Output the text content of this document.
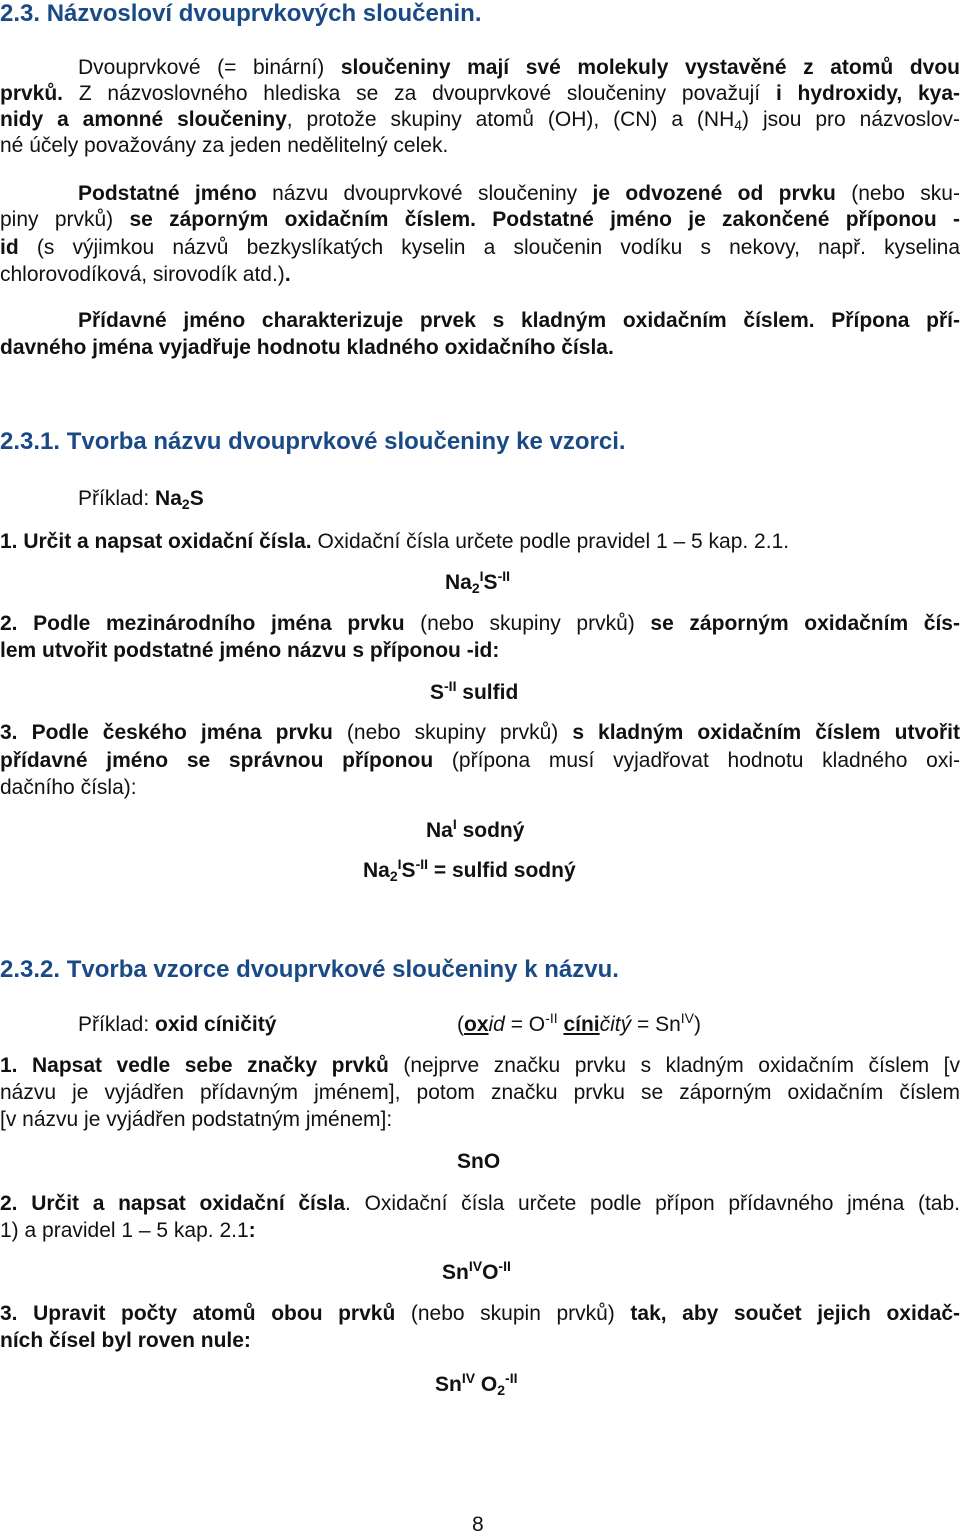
2.3. Názvosloví dvouprvkových sloučenin.
Dvouprvkové (= binární) sloučeniny mají své molekuly vystavěné z atomů dvou
prvků. Z názvoslovného hlediska se za dvouprvkové sloučeniny považují i hydroxidy, kya-
nidy a amonné sloučeniny, protože skupiny atomů (OH), (CN) a $(NH_4)$ jsou pro názvoslov-
né účely považovány za jeden nedělitelný celek.
Podstatné jméno názvu dvouprvkové sloučeniny je odvozené od prvku (nebo sku-
piny prvků) se záporným oxidačním číslem. Podstatné jméno je zakončené příponou -
id (s výjimkou názvů bezkyslíkatých kyselin a sloučenin vodíku s nekovy, např. kyselina
chlorovodíková, sirovodík atd.).
Přídavné jméno charakterizuje prvek s kladným oxidačním číslem. Přípona pří-
davného jména vyjadřuje hodnotu kladného oxidačního čísla.
2.3.1. Tvorba názvu dvouprvkové sloučeniny ke vzorci.
Příklad: $Na_2S$
1. Určit a napsat oxidační čísla. Oxidační čísla určete podle pravidel 1 – 5 kap. 2.1.
$Na_2^IS^{-II}$
2. Podle mezinárodního jména prvku (nebo skupiny prvků) se záporným oxidačním čís-
lem utvořit podstatné jméno názvu s příponou -id:
$S^{-II}$ sulfid
3. Podle českého jména prvku (nebo skupiny prvků) s kladným oxidačním číslem utvořit
přídavné jméno se správnou příponou (přípona musí vyjadřovat hodnotu kladného oxi-
dačního čísla):
$Na^I$ sodný
$Na_2^IS^{-II}$ = sulfid sodný
2.3.2. Tvorba vzorce dvouprvkové sloučeniny k názvu.
Příklad: oxid cíničitý	(oxid = $O^{-II}$ cíničitý = $Sn^{IV}$)
1. Napsat vedle sebe značky prvků (nejprve značku prvku s kladným oxidačním číslem [v
názvu je vyjádřen přídavným jménem], potom značku prvku se záporným oxidačním číslem
[v názvu je vyjádřen podstatným jménem]:
SnO
2. Určit a napsat oxidační čísla. Oxidační čísla určete podle přípon přídavného jména (tab.
1) a pravidel 1 – 5 kap. 2.1:
$Sn^{IV}O^{-II}$
3. Upravit počty atomů obou prvků (nebo skupin prvků) tak, aby součet jejich oxidač-
ních čísel byl roven nule:
$Sn^{IV}$ $O_2^{-II}$
8
